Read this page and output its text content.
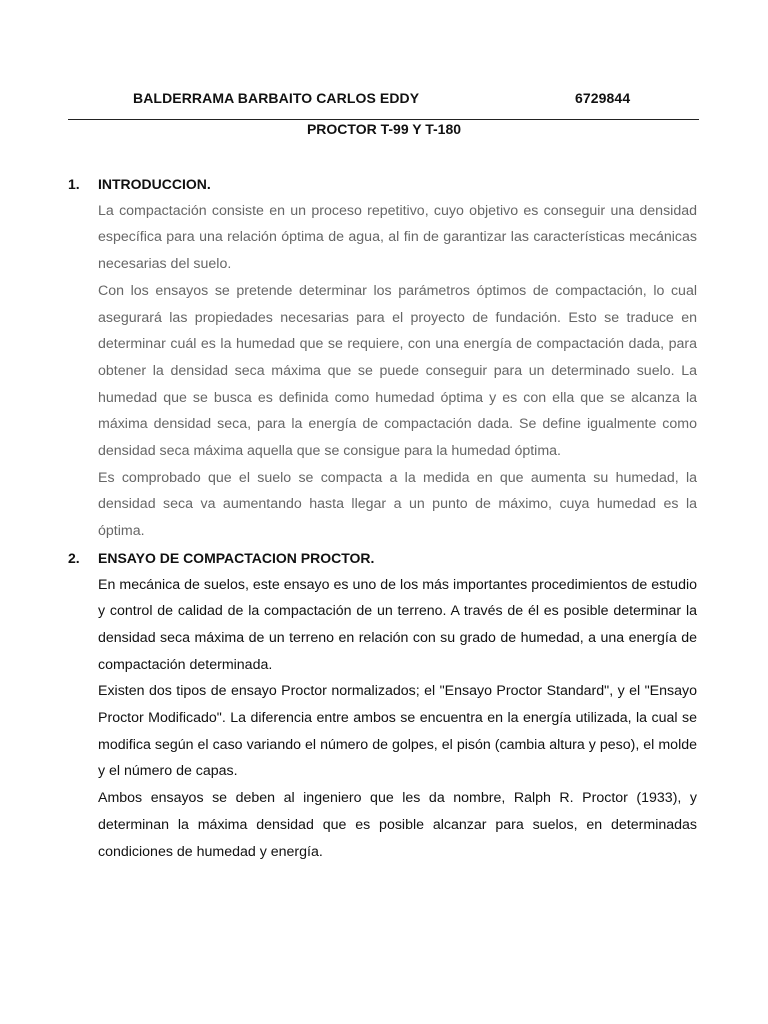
BALDERRAMA BARBAITO CARLOS EDDY	6729844
PROCTOR T-99 Y T-180
1. INTRODUCCION.

La compactación consiste en un proceso repetitivo, cuyo objetivo es conseguir una densidad específica para una relación óptima de agua, al fin de garantizar las características mecánicas necesarias del suelo.

Con los ensayos se pretende determinar los parámetros óptimos de compactación, lo cual asegurará las propiedades necesarias para el proyecto de fundación. Esto se traduce en determinar cuál es la humedad que se requiere, con una energía de compactación dada, para obtener la densidad seca máxima que se puede conseguir para un determinado suelo. La humedad que se busca es definida como humedad óptima y es con ella que se alcanza la máxima densidad seca, para la energía de compactación dada. Se define igualmente como densidad seca máxima aquella que se consigue para la humedad óptima.

Es comprobado que el suelo se compacta a la medida en que aumenta su humedad, la densidad seca va aumentando hasta llegar a un punto de máximo, cuya humedad es la óptima.

2. ENSAYO DE COMPACTACION PROCTOR.

En mecánica de suelos, este ensayo es uno de los más importantes procedimientos de estudio y control de calidad de la compactación de un terreno. A través de él es posible determinar la densidad seca máxima de un terreno en relación con su grado de humedad, a una energía de compactación determinada.

Existen dos tipos de ensayo Proctor normalizados; el "Ensayo Proctor Standard", y el "Ensayo Proctor Modificado". La diferencia entre ambos se encuentra en la energía utilizada, la cual se modifica según el caso variando el número de golpes, el pisón (cambia altura y peso), el molde y el número de capas.

Ambos ensayos se deben al ingeniero que les da nombre, Ralph R. Proctor (1933), y determinan la máxima densidad que es posible alcanzar para suelos, en determinadas condiciones de humedad y energía.
